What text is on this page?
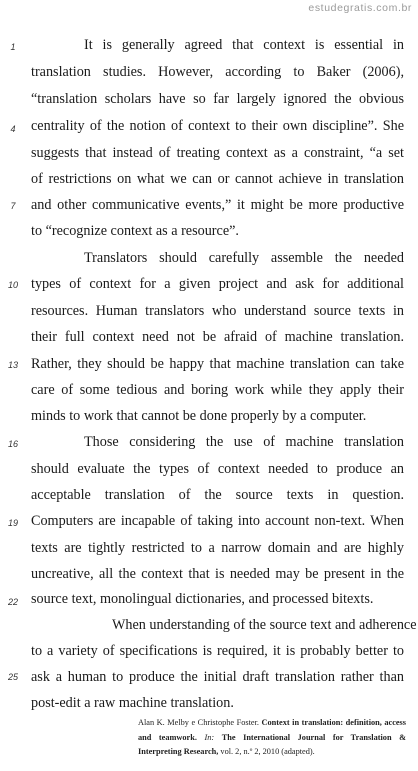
estudegratis.com.br
1
4
7
10
13
16
19
22
25
It is generally agreed that context is essential in
translation studies. However, according to Baker (2006),
“translation scholars have so far largely ignored the obvious
centrality of the notion of context to their own discipline”. She
suggests that instead of treating context as a constraint, “a set
of restrictions on what we can or cannot achieve in translation
and other communicative events,” it might be more productive
to “recognize context as a resource”.
Translators should carefully assemble the needed
types of context for a given project and ask for additional
resources. Human translators who understand source texts in
their full context need not be afraid of machine translation.
Rather, they should be happy that machine translation can take
care of some tedious and boring work while they apply their
minds to work that cannot be done properly by a computer.
Those considering the use of machine translation
should evaluate the types of context needed to produce an
acceptable translation of the source texts in question.
Computers are incapable of taking into account non-text. When
texts are tightly restricted to a narrow domain and are highly
uncreative, all the context that is needed may be present in the
source text, monolingual dictionaries, and processed bitexts.
When understanding of the source text and adherence
to a variety of specifications is required, it is probably better to
ask a human to produce the initial draft translation rather than
post-edit a raw machine translation.
Alan K. Melby e Christophe Foster. Context in translation: definition, access and teamwork. In: The International Journal for Translation & Interpreting Research, vol. 2, n.º 2, 2010 (adapted).
